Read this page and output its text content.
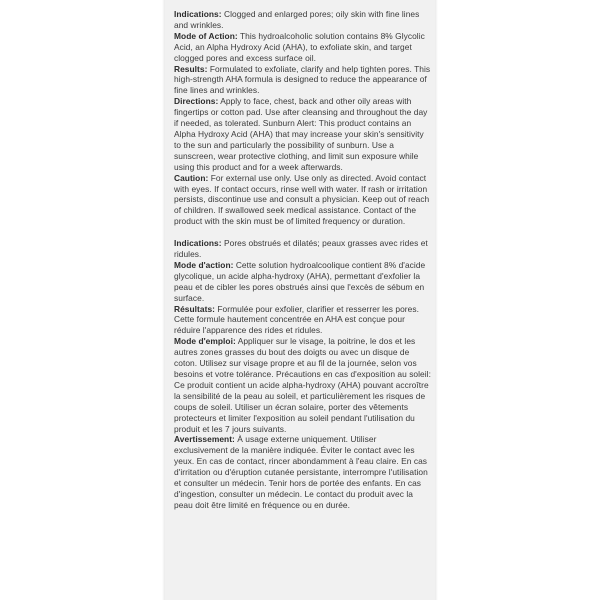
Indications: Clogged and enlarged pores; oily skin with fine lines and wrinkles.

Mode of Action: This hydroalcoholic solution contains 8% Glycolic Acid, an Alpha Hydroxy Acid (AHA), to exfoliate skin, and target clogged pores and excess surface oil.

Results: Formulated to exfoliate, clarify and help tighten pores. This high-strength AHA formula is designed to reduce the appearance of fine lines and wrinkles.

Directions: Apply to face, chest, back and other oily areas with fingertips or cotton pad. Use after cleansing and throughout the day if needed, as tolerated. Sunburn Alert: This product contains an Alpha Hydroxy Acid (AHA) that may increase your skin's sensitivity to the sun and particularly the possibility of sunburn. Use a sunscreen, wear protective clothing, and limit sun exposure while using this product and for a week afterwards.

Caution: For external use only. Use only as directed. Avoid contact with eyes. If contact occurs, rinse well with water. If rash or irritation persists, discontinue use and consult a physician. Keep out of reach of children. If swallowed seek medical assistance. Contact of the product with the skin must be of limited frequency or duration.

Indications: Pores obstrués et dilatés; peaux grasses avec rides et ridules.

Mode d'action: Cette solution hydroalcoolique contient 8% d'acide glycolique, un acide alpha-hydroxy (AHA), permettant d'exfolier la peau et de cibler les pores obstrués ainsi que l'excès de sébum en surface.

Résultats: Formulée pour exfolier, clarifier et resserrer les pores. Cette formule hautement concentrée en AHA est conçue pour réduire l'apparence des rides et ridules.

Mode d'emploi: Appliquer sur le visage, la poitrine, le dos et les autres zones grasses du bout des doigts ou avec un disque de coton. Utilisez sur visage propre et au fil de la journée, selon vos besoins et votre tolérance. Précautions en cas d'exposition au soleil: Ce produit contient un acide alpha-hydroxy (AHA) pouvant accroître la sensibilité de la peau au soleil, et particulièrement les risques de coups de soleil. Utiliser un écran solaire, porter des vêtements protecteurs et limiter l'exposition au soleil pendant l'utilisation du produit et les 7 jours suivants.

Avertissement: À usage externe uniquement. Utiliser exclusivement de la manière indiquée. Éviter le contact avec les yeux. En cas de contact, rincer abondamment à l'eau claire. En cas d'irritation ou d'éruption cutanée persistante, interrompre l'utilisation et consulter un médecin. Tenir hors de portée des enfants. En cas d'ingestion, consulter un médecin. Le contact du produit avec la peau doit être limité en fréquence ou en durée.
